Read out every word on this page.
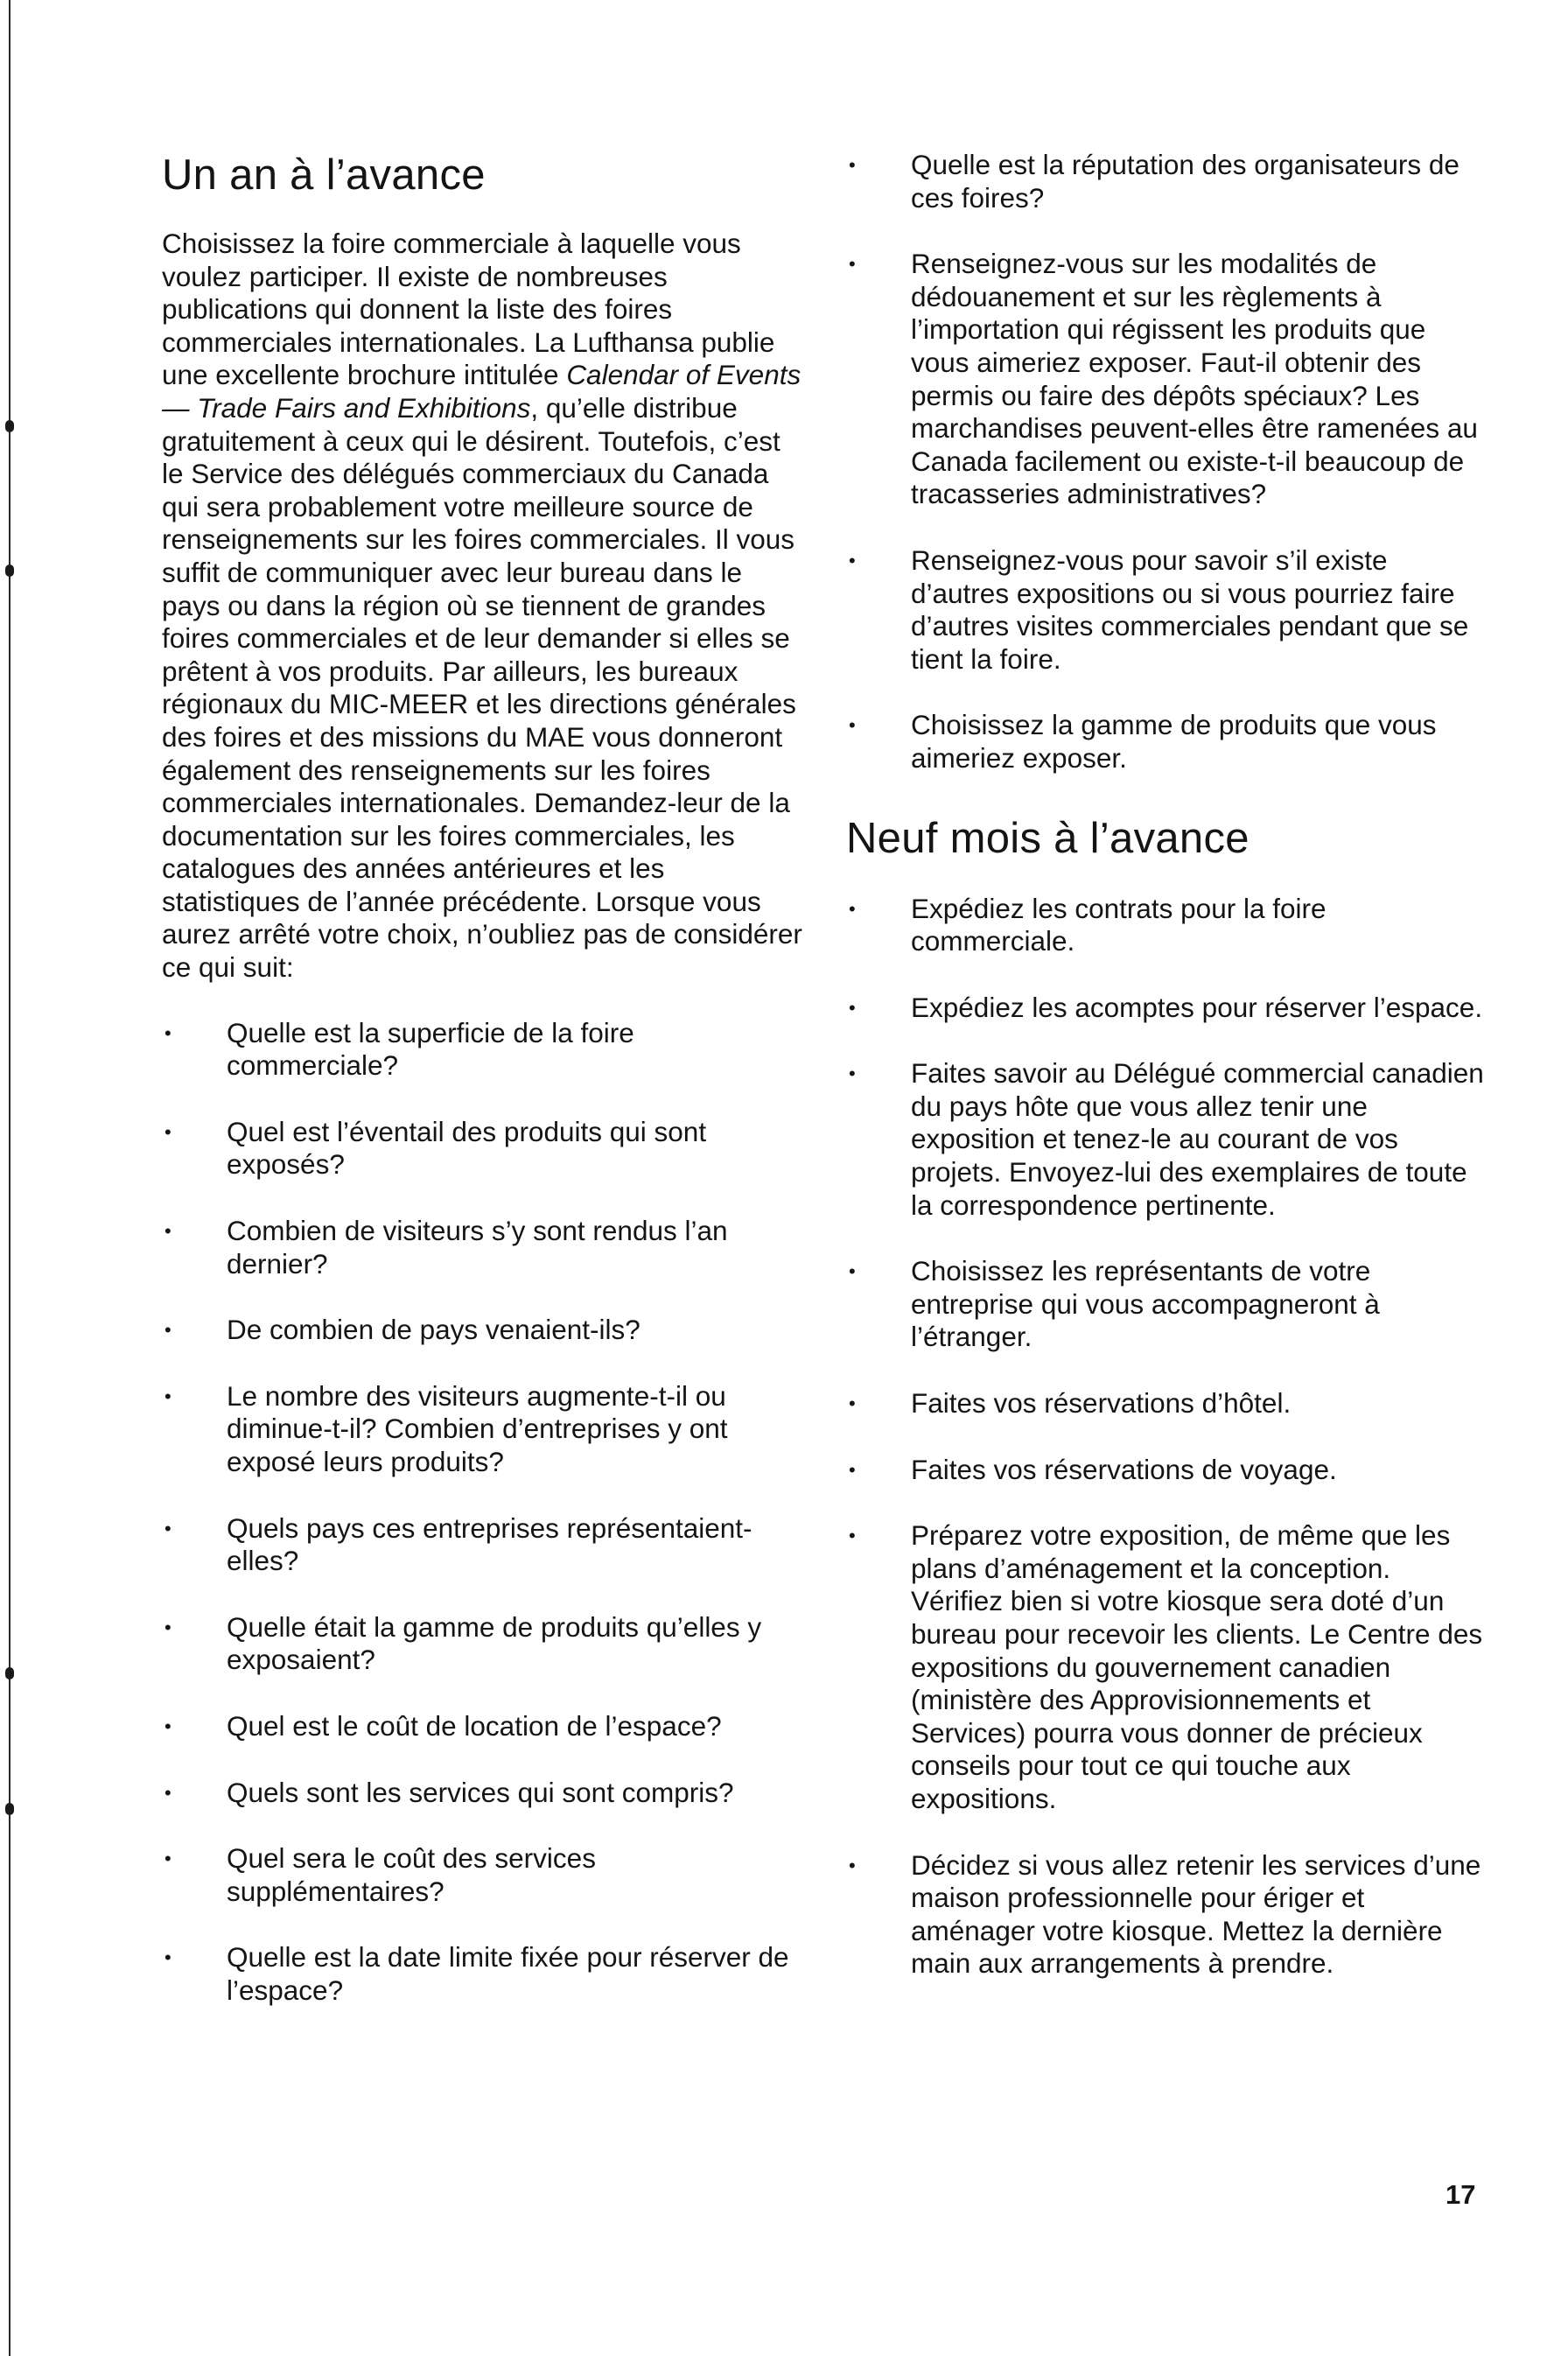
Un an à l’avance

Choisissez la foire commerciale à laquelle vous voulez participer. Il existe de nombreuses publications qui donnent la liste des foires commerciales internationales. La Lufthansa publie une excellente brochure intitulée Calendar of Events — Trade Fairs and Exhibitions, qu’elle distribue gratuitement à ceux qui le désirent. Toutefois, c’est le Service des délégués commerciaux du Canada qui sera probablement votre meilleure source de renseignements sur les foires commerciales. Il vous suffit de communiquer avec leur bureau dans le pays ou dans la région où se tiennent de grandes foires commerciales et de leur demander si elles se prêtent à vos produits. Par ailleurs, les bureaux régionaux du MIC-MEER et les directions générales des foires et des missions du MAE vous donneront également des renseignements sur les foires commerciales internationales. Demandez-leur de la documentation sur les foires commerciales, les catalogues des années antérieures et les statistiques de l’année précédente. Lorsque vous aurez arrêté votre choix, n’oubliez pas de considérer ce qui suit:

• Quelle est la superficie de la foire commerciale?
• Quel est l’éventail des produits qui sont exposés?
• Combien de visiteurs s’y sont rendus l’an dernier?
• De combien de pays venaient-ils?
• Le nombre des visiteurs augmente-t-il ou diminue-t-il? Combien d’entreprises y ont exposé leurs produits?
• Quels pays ces entreprises représentaient-elles?
• Quelle était la gamme de produits qu’elles y exposaient?
• Quel est le coût de location de l’espace?
• Quels sont les services qui sont compris?
• Quel sera le coût des services supplémentaires?
• Quelle est la date limite fixée pour réserver de l’espace?
• Quelle est la réputation des organisateurs de ces foires?
• Renseignez-vous sur les modalités de dédouanement et sur les règlements à l’importation qui régissent les produits que vous aimeriez exposer. Faut-il obtenir des permis ou faire des dépôts spéciaux? Les marchandises peuvent-elles être ramenées au Canada facilement ou existe-t-il beaucoup de tracasseries administratives?
• Renseignez-vous pour savoir s’il existe d’autres expositions ou si vous pourriez faire d’autres visites commerciales pendant que se tient la foire.
• Choisissez la gamme de produits que vous aimeriez exposer.
Neuf mois à l’avance
• Expédiez les contrats pour la foire commerciale.
• Expédiez les acomptes pour réserver l’espace.
• Faites savoir au Délégué commercial canadien du pays hôte que vous allez tenir une exposition et tenez-le au courant de vos projets. Envoyez-lui des exemplaires de toute la correspondence pertinente.
• Choisissez les représentants de votre entreprise qui vous accompagneront à l’étranger.
• Faites vos réservations d’hôtel.
• Faites vos réservations de voyage.
• Préparez votre exposition, de même que les plans d’aménagement et la conception. Vérifiez bien si votre kiosque sera doté d’un bureau pour recevoir les clients. Le Centre des expositions du gouvernement canadien (ministère des Approvisionnements et Services) pourra vous donner de précieux conseils pour tout ce qui touche aux expositions.
• Décidez si vous allez retenir les services d’une maison professionnelle pour ériger et aménager votre kiosque. Mettez la dernière main aux arrangements à prendre.
17
